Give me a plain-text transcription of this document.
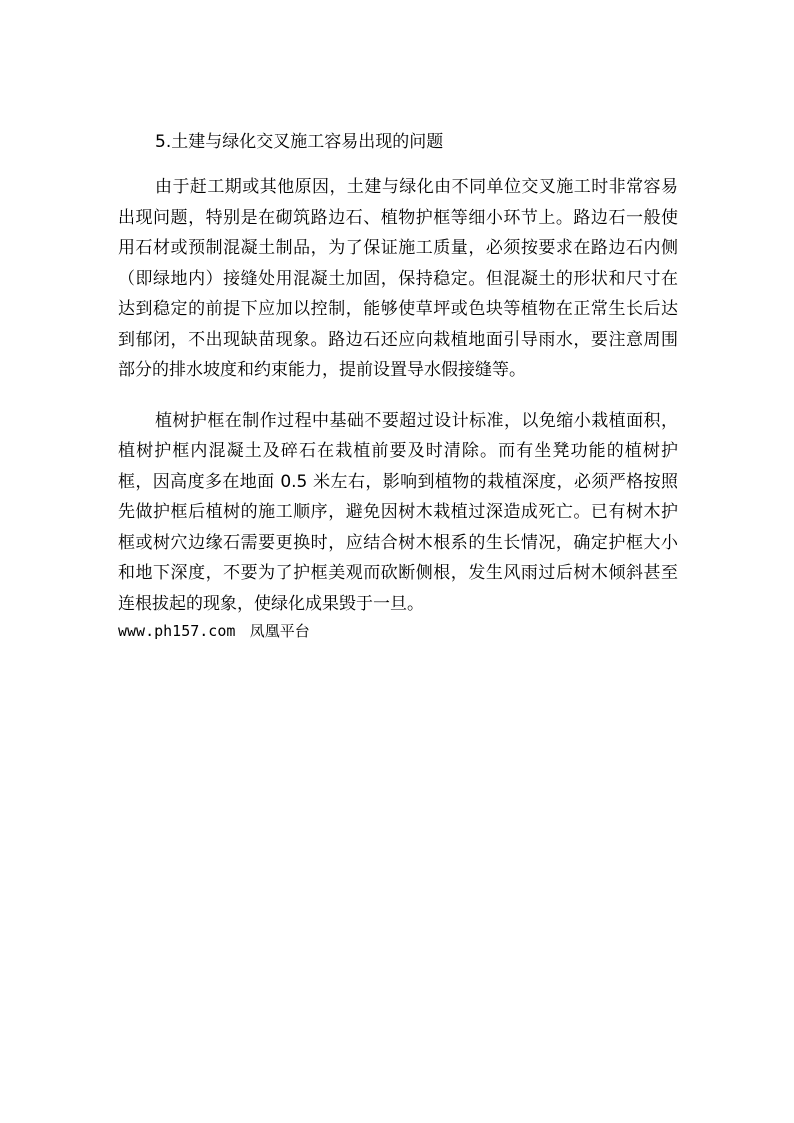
5.土建与绿化交叉施工容易出现的问题

由于赶工期或其他原因，土建与绿化由不同单位交叉施工时非常容易出现问题，特别是在砌筑路边石、植物护框等细小环节上。路边石一般使用石材或预制混凝土制品，为了保证施工质量，必须按要求在路边石内侧（即绿地内）接缝处用混凝土加固，保持稳定。但混凝土的形状和尺寸在达到稳定的前提下应加以控制，能够使草坪或色块等植物在正常生长后达到郁闭，不出现缺苗现象。路边石还应向栽植地面引导雨水，要注意周围部分的排水坡度和约束能力，提前设置导水假接缝等。

植树护框在制作过程中基础不要超过设计标准，以免缩小栽植面积，植树护框内混凝土及碎石在栽植前要及时清除。而有坐凳功能的植树护框，因高度多在地面 0.5 米左右，影响到植物的栽植深度，必须严格按照先做护框后植树的施工顺序，避免因树木栽植过深造成死亡。已有树木护框或树穴边缘石需要更换时，应结合树木根系的生长情况，确定护框大小和地下深度，不要为了护框美观而砍断侧根，发生风雨过后树木倾斜甚至连根拔起的现象，使绿化成果毁于一旦。

www.ph157.com 凤凰平台
